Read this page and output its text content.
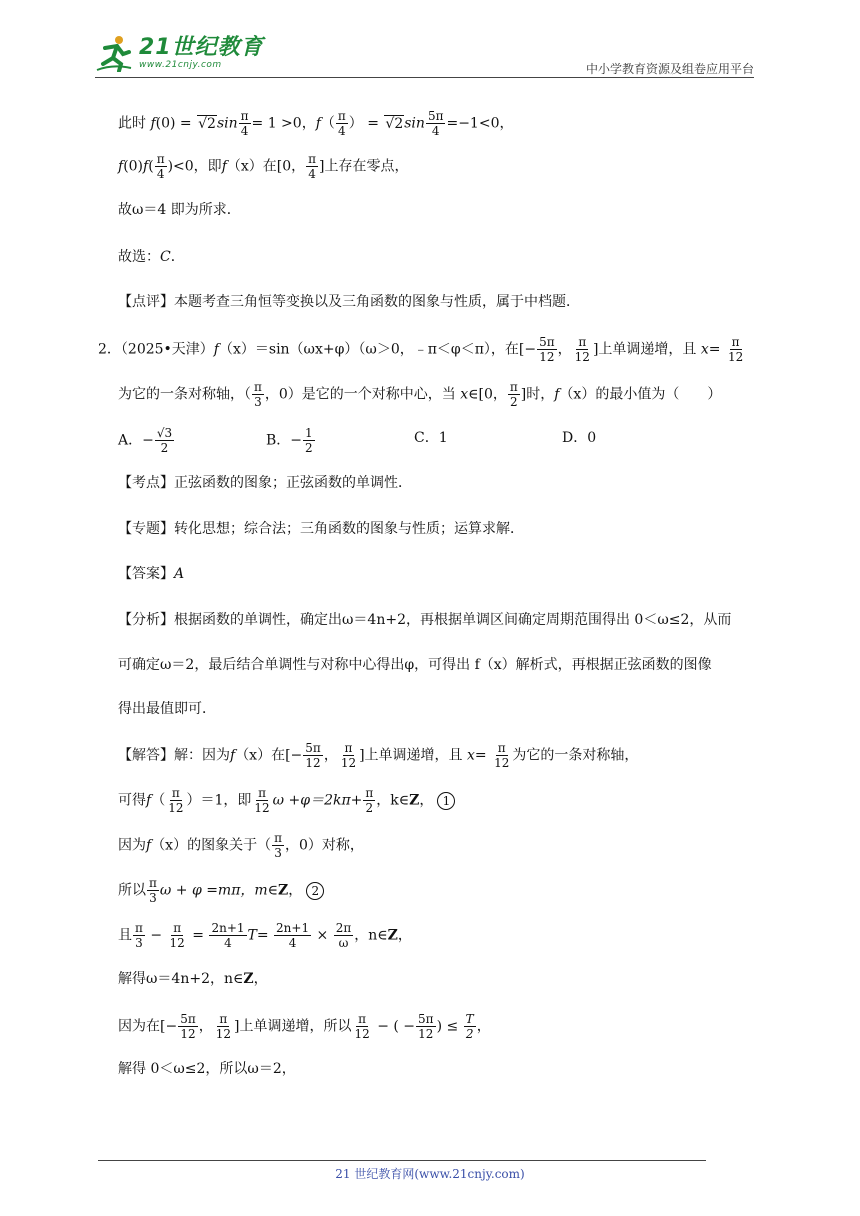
21世纪教育
www.21cnjy.com	中小学教育资源及组卷应用平台
此时 $f(0) = √2\sin \frac{\pi}{4} = 1 >0$，$f( \frac{\pi}{4}$ ） = $√2\sin \frac{5\pi}{4} =-1<0$，
$f(0)f( \frac{\pi}{4} )<0$，即f（x）在[0， $\frac{\pi}{4}$ ]上存在零点，
故ω＝4 即为所求．
故选：C．
【点评】本题考查三角恒等变换以及三角函数的图象与性质，属于中档题．
2．（2025•天津）f（x）＝sin（ωx+φ）（ω＞0，﹣π＜φ＜π），在[− $\frac{5\pi}{12}$ ， $\frac{\pi}{12}$ ]上单调递增，且 $x= \frac{\pi}{12}$
为它的一条对称轴，（ $\frac{\pi}{3}$ ，0）是它的一个对称中心，当 x∈[0， $\frac{\pi}{2}$ ]时，f（x）的最小值为（　　）
A．− $\frac{√3}{2}$	B．− $\frac{1}{2}$	C．1	D．0
【考点】正弦函数的图象；正弦函数的单调性．
【专题】转化思想；综合法；三角函数的图象与性质；运算求解．
【答案】A
【分析】根据函数的单调性，确定出ω＝4n+2，再根据单调区间确定周期范围得出 0＜ω≤2，从而
可确定ω＝2，最后结合单调性与对称中心得出φ，可得出 f（x）解析式，再根据正弦函数的图像
得出最值即可．
【解答】解：因为f（x）在[− $\frac{5\pi}{12}$ ， $\frac{\pi}{12}$ ]上单调递增，且 $x= \frac{\pi}{12}$ 为它的一条对称轴，
可得$f( \frac{\pi}{12} )=1$，即 $\frac{\pi}{12}$ $\omega +\varphi=2k\pi+ \frac{\pi}{2}$ ，k∈Z， 1
因为f（x）的图象关于（ $\frac{\pi}{3}$ ，0）对称，
所以 $\frac{\pi}{3}$ ω + φ =mπ，m∈Z， 2
且 $\frac{\pi}{3} - \frac{\pi}{12} = \frac{2n+1}{4} T= \frac{2n+1}{4} \times \frac{2\pi}{\omega}$ ，n∈Z，
解得ω＝4n+2，n∈Z，
因为在[− $\frac{5\pi}{12}$ ， $\frac{\pi}{12}$ ]上单调递增，所以 $\frac{\pi}{12}$ − ( − $\frac{5\pi}{12}$ ) ≤ $\frac{T}{2}$ ，
解得 0＜ω≤2，所以ω＝2，
21 世纪教育网(www.21cnjy.com)
